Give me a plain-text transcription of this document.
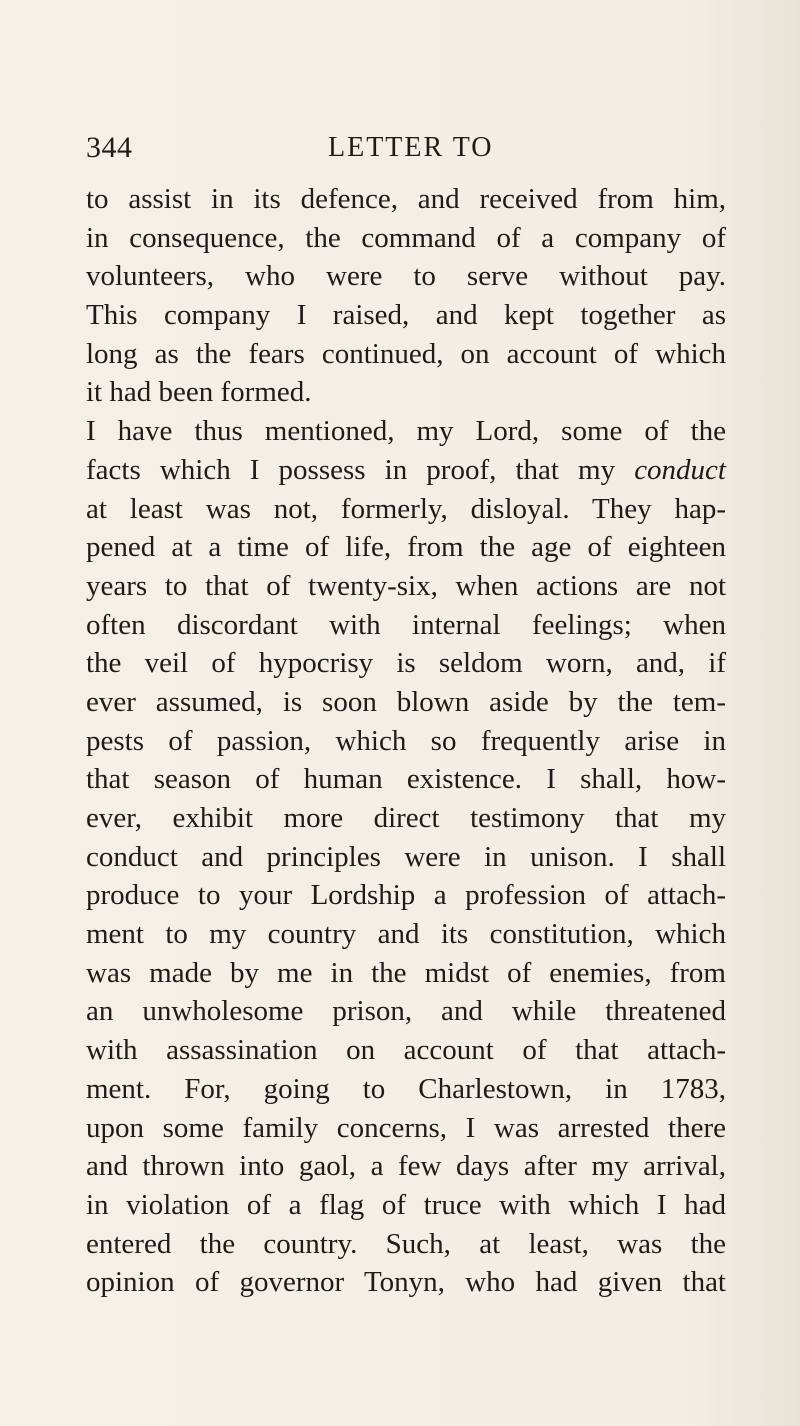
344	LETTER TO
to assist in its defence, and received from him,
in consequence, the command of a company of
volunteers, who were to serve without pay.
This company I raised, and kept together as
long as the fears continued, on account of which
it had been formed.
I have thus mentioned, my Lord, some of the
facts which I possess in proof, that my conduct
at least was not, formerly, disloyal. They hap-
pened at a time of life, from the age of eighteen
years to that of twenty-six, when actions are not
often discordant with internal feelings; when
the veil of hypocrisy is seldom worn, and, if
ever assumed, is soon blown aside by the tem-
pests of passion, which so frequently arise in
that season of human existence. I shall, how-
ever, exhibit more direct testimony that my
conduct and principles were in unison. I shall
produce to your Lordship a profession of attach-
ment to my country and its constitution, which
was made by me in the midst of enemies, from
an unwholesome prison, and while threatened
with assassination on account of that attach-
ment. For, going to Charlestown, in 1783,
upon some family concerns, I was arrested there
and thrown into gaol, a few days after my arrival,
in violation of a flag of truce with which I had
entered the country. Such, at least, was the
opinion of governor Tonyn, who had given that
